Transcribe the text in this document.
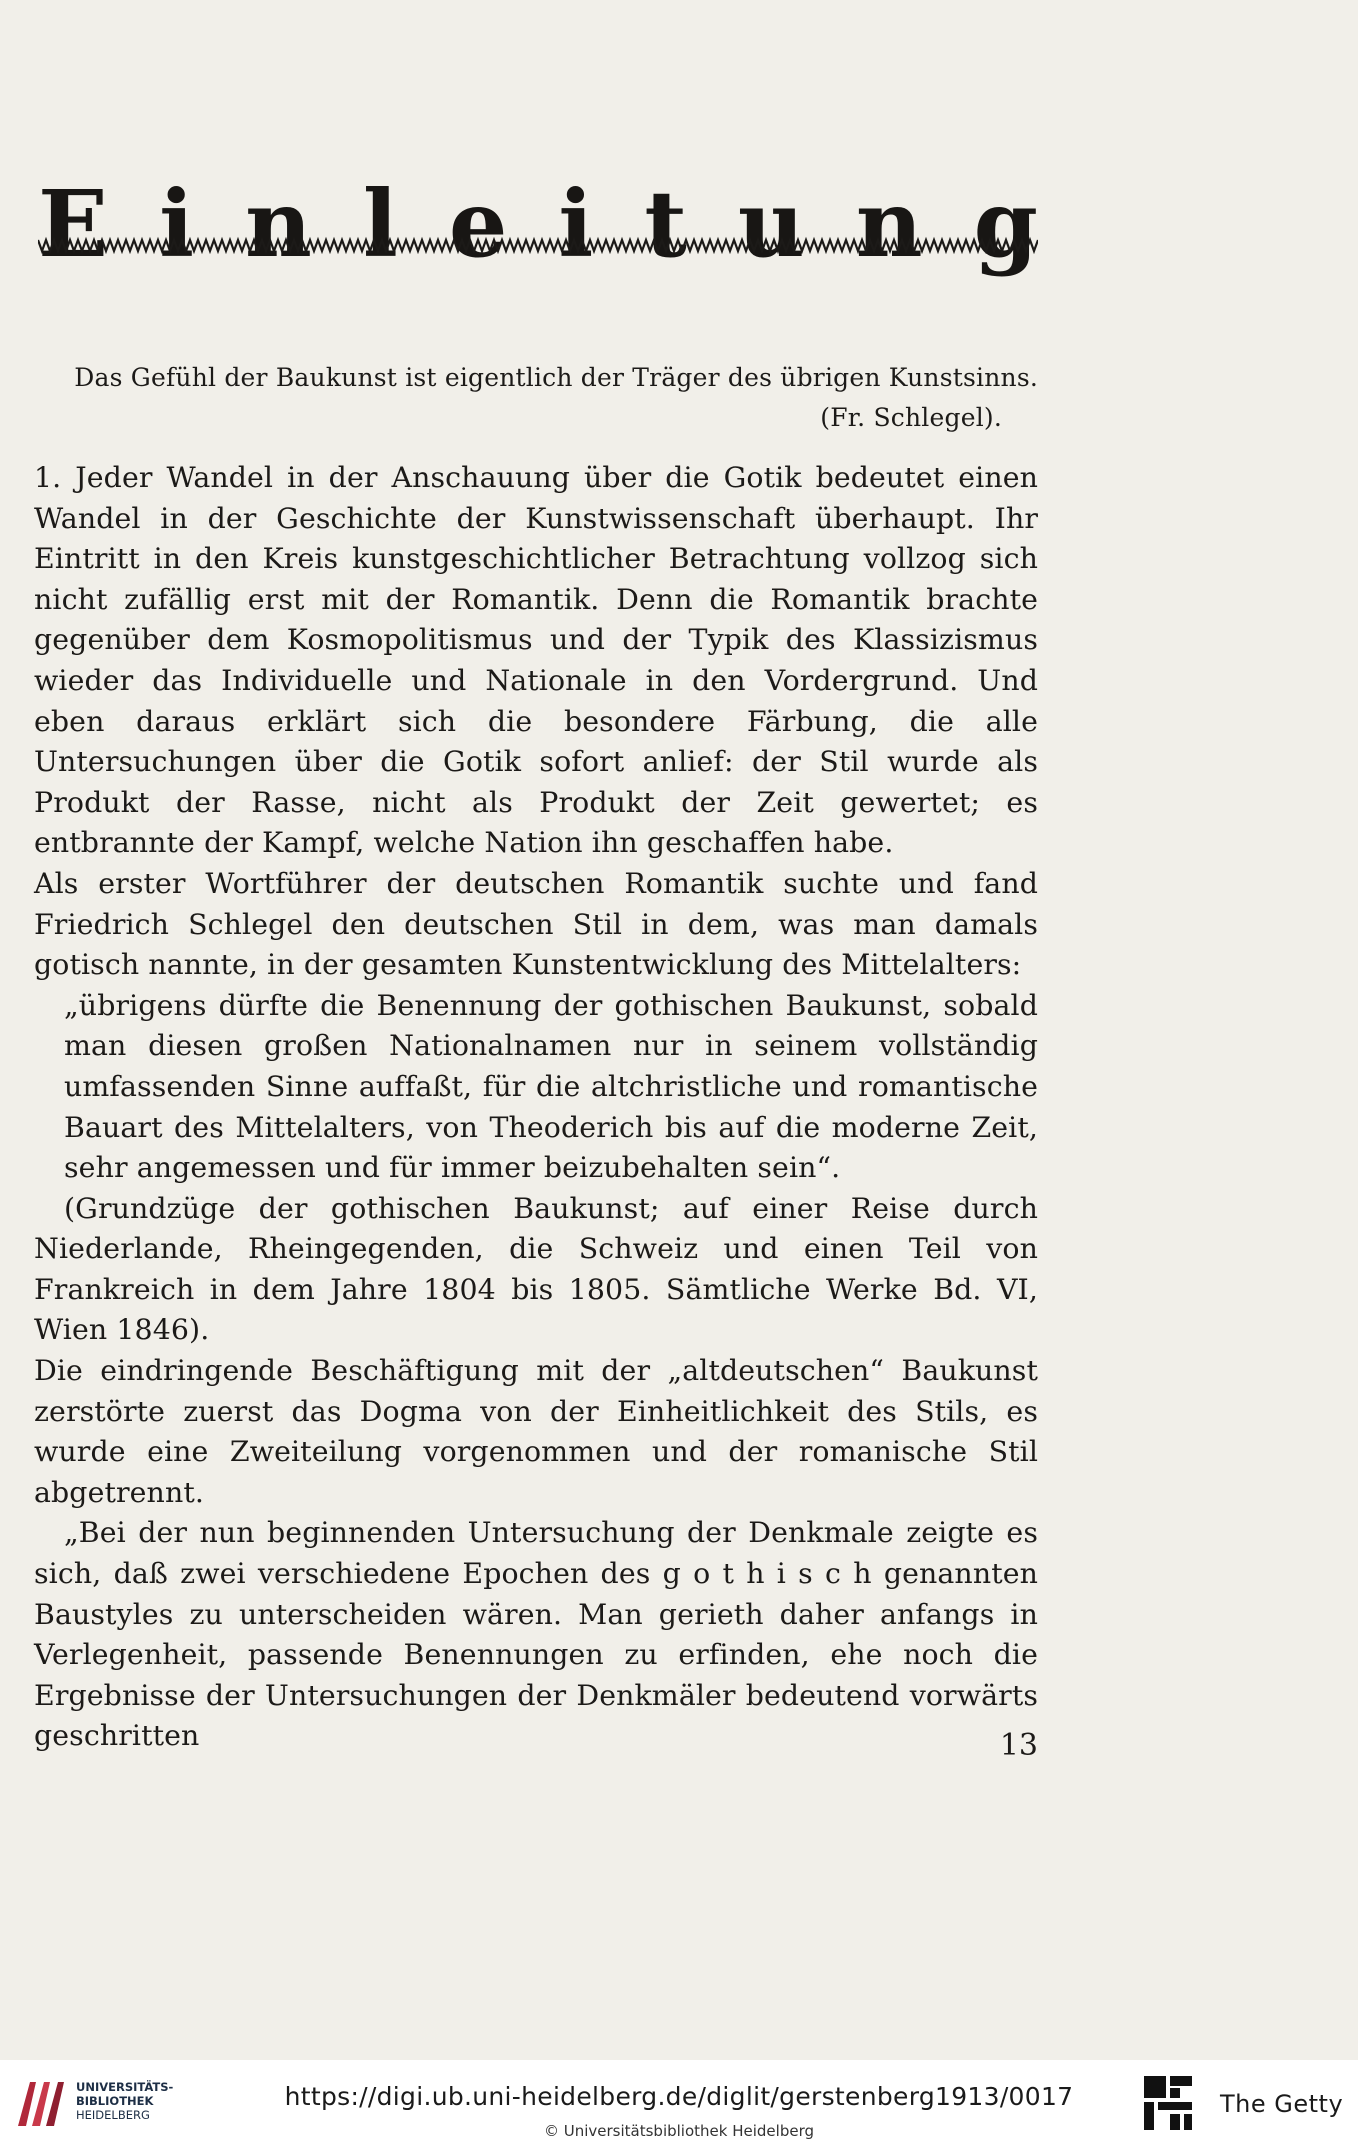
E i n l e i t u n g
Das Gefühl der Baukunst ist eigentlich der Träger des übrigen Kunstsinns.
(Fr. Schlegel).

1. Jeder Wandel in der Anschauung über die Gotik bedeutet einen Wandel in der Geschichte der Kunstwissenschaft überhaupt. Ihr Eintritt in den Kreis kunstgeschichtlicher Betrachtung vollzog sich nicht zufällig erst mit der Romantik. Denn die Romantik brachte gegenüber dem Kosmopolitismus und der Typik des Klassizismus wieder das Individuelle und Nationale in den Vordergrund. Und eben daraus erklärt sich die besondere Färbung, die alle Untersuchungen über die Gotik sofort anlief: der Stil wurde als Produkt der Rasse, nicht als Produkt der Zeit gewertet; es entbrannte der Kampf, welche Nation ihn geschaffen habe.

Als erster Wortführer der deutschen Romantik suchte und fand Friedrich Schlegel den deutschen Stil in dem, was man damals gotisch nannte, in der gesamten Kunstentwicklung des Mittelalters:

„übrigens dürfte die Benennung der gothischen Baukunst, sobald man diesen großen Nationalnamen nur in seinem vollständig umfassenden Sinne auffaßt, für die altchristliche und romantische Bauart des Mittelalters, von Theoderich bis auf die moderne Zeit, sehr angemessen und für immer beizubehalten sein“.

(Grundzüge der gothischen Baukunst; auf einer Reise durch Niederlande, Rheingegenden, die Schweiz und einen Teil von Frankreich in dem Jahre 1804 bis 1805. Sämtliche Werke Bd. VI, Wien 1846).

Die eindringende Beschäftigung mit der „altdeutschen“ Baukunst zerstörte zuerst das Dogma von der Einheitlichkeit des Stils, es wurde eine Zweiteilung vorgenommen und der romanische Stil abgetrennt.

„Bei der nun beginnenden Untersuchung der Denkmale zeigte es sich, daß zwei verschiedene Epochen des g o t h i s c h genannten Baustyles zu unterscheiden wären. Man gerieth daher anfangs in Verlegenheit, passende Benennungen zu erfinden, ehe noch die Ergebnisse der Untersuchungen der Denkmäler bedeutend vorwärts geschritten	13
UNIVERSITÄTS-
BIBLIOTHEK
HEIDELBERG
https://digi.ub.uni-heidelberg.de/diglit/gerstenberg1913/0017
© Universitätsbibliothek Heidelberg
The Getty
